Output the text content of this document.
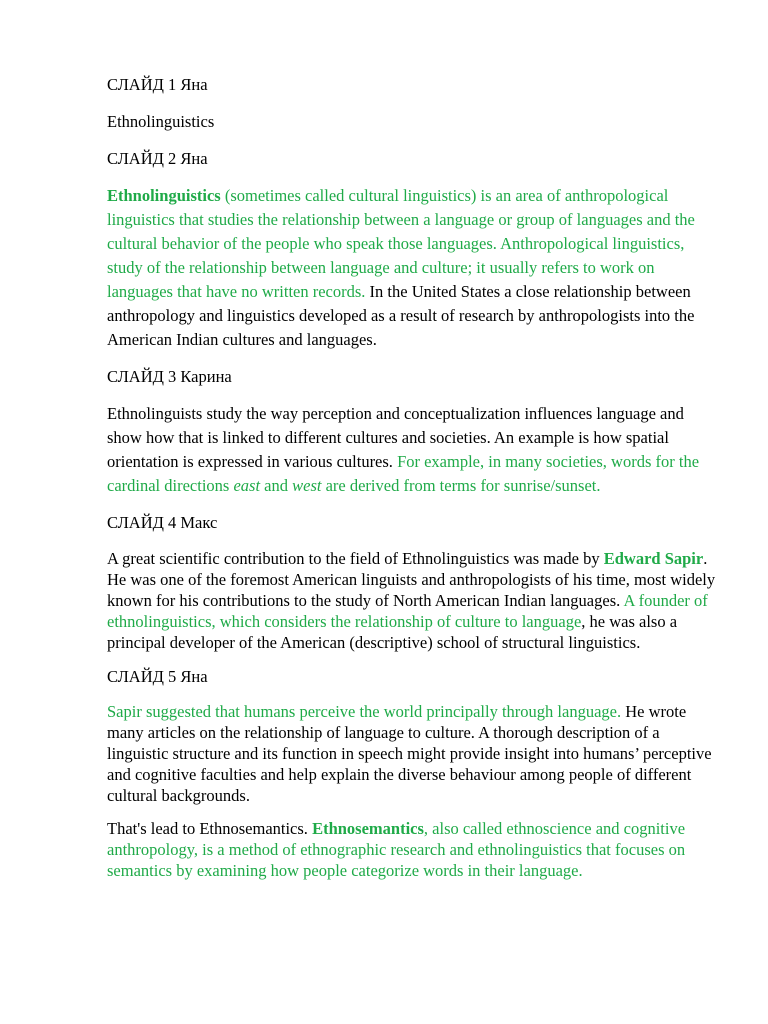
СЛАЙД 1 Яна

Ethnolinguistics

СЛАЙД 2 Яна

Ethnolinguistics (sometimes called cultural linguistics) is an area of anthropological linguistics that studies the relationship between a language or group of languages and the cultural behavior of the people who speak those languages. Anthropological linguistics, study of the relationship between language and culture; it usually refers to work on languages that have no written records. In the United States a close relationship between anthropology and linguistics developed as a result of research by anthropologists into the American Indian cultures and languages.

СЛАЙД 3 Карина

Ethnolinguists study the way perception and conceptualization influences language and show how that is linked to different cultures and societies. An example is how spatial orientation is expressed in various cultures. For example, in many societies, words for the cardinal directions east and west are derived from terms for sunrise/sunset.

СЛАЙД 4 Макс

A great scientific contribution to the field of Ethnolinguistics was made by Edward Sapir. He was one of the foremost American linguists and anthropologists of his time, most widely known for his contributions to the study of North American Indian languages. A founder of ethnolinguistics, which considers the relationship of culture to language, he was also a principal developer of the American (descriptive) school of structural linguistics.

СЛАЙД 5 Яна

Sapir suggested that humans perceive the world principally through language. He wrote many articles on the relationship of language to culture. A thorough description of a linguistic structure and its function in speech might provide insight into humans’ perceptive and cognitive faculties and help explain the diverse behaviour among people of different cultural backgrounds.

That's lead to Ethnosemantics. Ethnosemantics, also called ethnoscience and cognitive anthropology, is a method of ethnographic research and ethnolinguistics that focuses on semantics by examining how people categorize words in their language.
